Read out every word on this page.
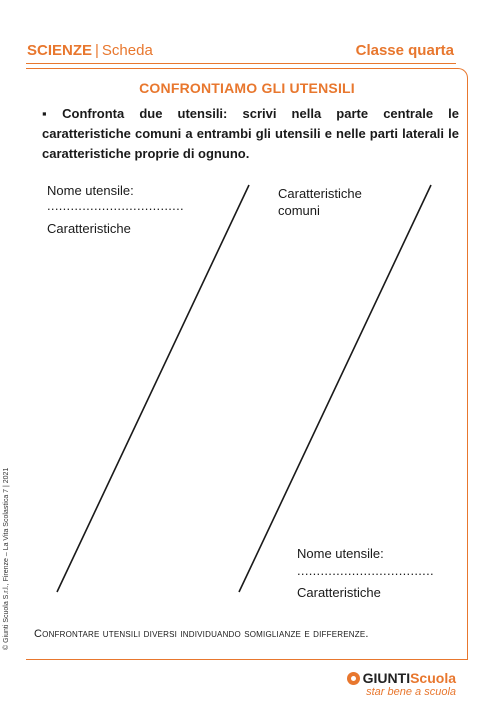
SCIENZE | Scheda	Classe quarta
CONFRONTIAMO GLI UTENSILI
▪ Confronta due utensili: scrivi nella parte centrale le caratteristiche comuni a entrambi gli utensili e nelle parti laterali le caratteristiche proprie di ognuno.
Nome utensile:
...................................
Caratteristiche
Caratteristiche comuni
Nome utensile:
...................................
Caratteristiche
Confrontare utensili diversi individuando somiglianze e differenze.
© Giunti Scuola S.r.l., Firenze – La Vita Scolastica 7 | 2021
GIUNTIScuola
star bene a scuola
